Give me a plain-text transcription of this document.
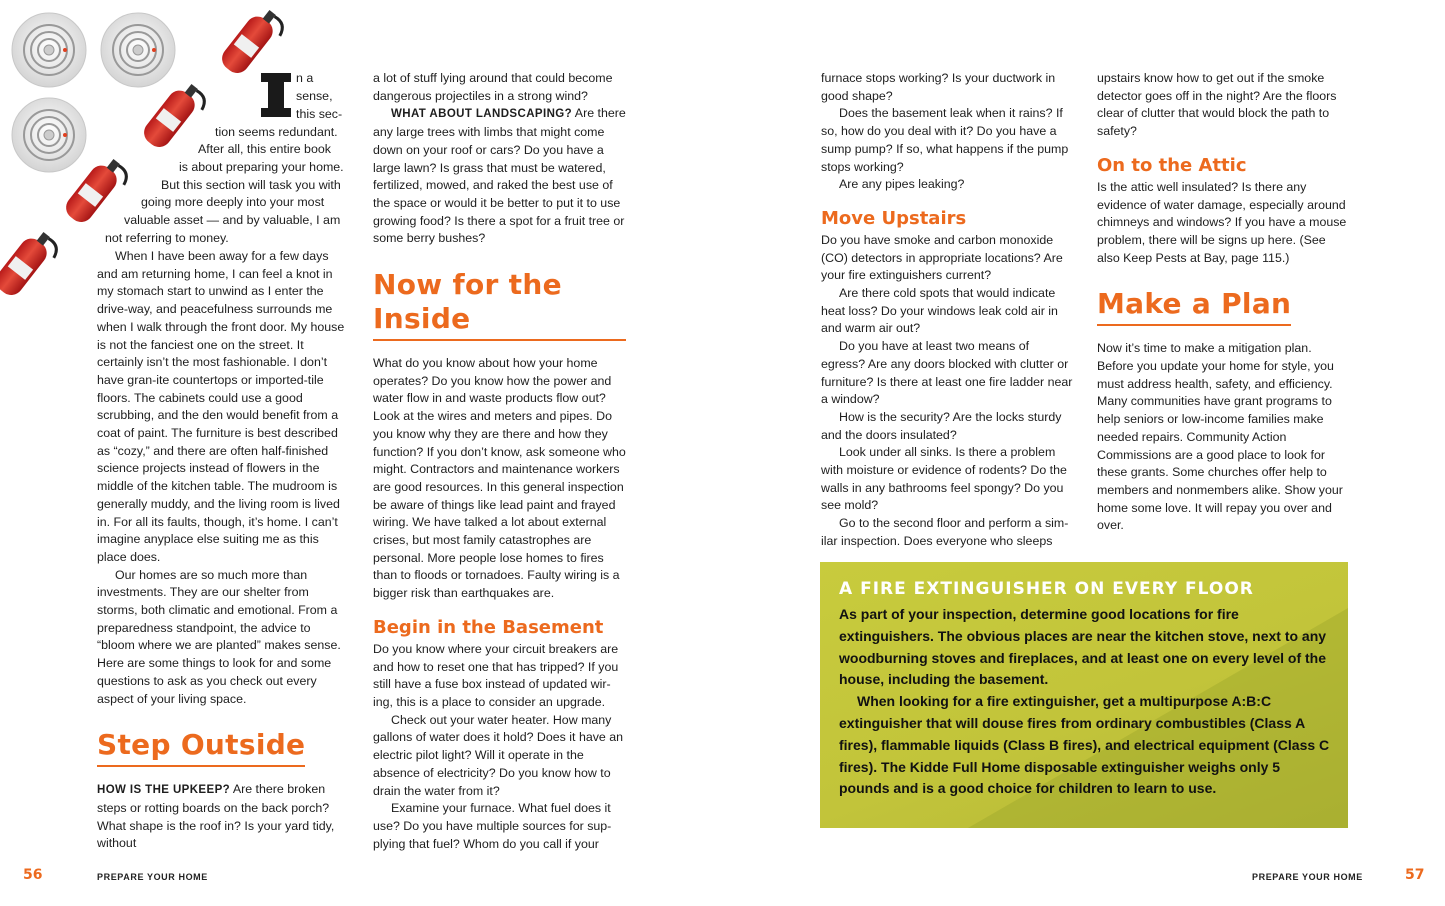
n a
sense,
this sec-
tion seems redundant.
After all, this entire book
is about preparing your home.
But this section will task you with
going more deeply into your most
valuable asset — and by valuable, I am
not referring to money.

When I have been away for a few days and am returning home, I can feel a knot in my stomach start to unwind as I enter the drive-way, and peacefulness surrounds me when I walk through the front door. My house is not the fanciest one on the street. It certainly isn’t the most fashionable. I don’t have gran-ite countertops or imported-tile floors. The cabinets could use a good scrubbing, and the den would benefit from a coat of paint. The furniture is best described as “cozy,” and there are often half-finished science projects instead of flowers in the middle of the kitchen table. The mudroom is generally muddy, and the living room is lived in. For all its faults, though, it’s home. I can’t imagine anyplace else suiting me as this place does.

Our homes are so much more than investments. They are our shelter from storms, both climatic and emotional. From a preparedness standpoint, the advice to “bloom where we are planted” makes sense. Here are some things to look for and some questions to ask as you check out every aspect of your living space.

Step Outside

HOW IS THE UPKEEP? Are there broken steps or rotting boards on the back porch? What shape is the roof in? Is your yard tidy, without

a lot of stuff lying around that could become dangerous projectiles in a strong wind?

WHAT ABOUT LANDSCAPING? Are there any large trees with limbs that might come down on your roof or cars? Do you have a large lawn? Is grass that must be watered, fertilized, mowed, and raked the best use of the space or would it be better to put it to use growing food? Is there a spot for a fruit tree or some berry bushes?

Now for the Inside

What do you know about how your home operates? Do you know how the power and water flow in and waste products flow out? Look at the wires and meters and pipes. Do you know why they are there and how they function? If you don’t know, ask someone who might. Contractors and maintenance workers are good resources. In this general inspection be aware of things like lead paint and frayed wiring. We have talked a lot about external crises, but most family catastrophes are personal. More people lose homes to fires than to floods or tornadoes. Faulty wiring is a bigger risk than earthquakes are.

Begin in the Basement

Do you know where your circuit breakers are and how to reset one that has tripped? If you still have a fuse box instead of updated wir-ing, this is a place to consider an upgrade.

Check out your water heater. How many gallons of water does it hold? Does it have an electric pilot light? Will it operate in the absence of electricity? Do you know how to drain the water from it?

Examine your furnace. What fuel does it use? Do you have multiple sources for sup-plying that fuel? Whom do you call if your

furnace stops working? Is your ductwork in good shape?

Does the basement leak when it rains? If so, how do you deal with it? Do you have a sump pump? If so, what happens if the pump stops working?

Are any pipes leaking?

Move Upstairs

Do you have smoke and carbon monoxide (CO) detectors in appropriate locations? Are your fire extinguishers current?

Are there cold spots that would indicate heat loss? Do your windows leak cold air in and warm air out?

Do you have at least two means of egress? Are any doors blocked with clutter or furniture? Is there at least one fire ladder near a window?

How is the security? Are the locks sturdy and the doors insulated?

Look under all sinks. Is there a problem with moisture or evidence of rodents? Do the walls in any bathrooms feel spongy? Do you see mold?

Go to the second floor and perform a sim-ilar inspection. Does everyone who sleeps

upstairs know how to get out if the smoke detector goes off in the night? Are the floors clear of clutter that would block the path to safety?

On to the Attic

Is the attic well insulated? Is there any evidence of water damage, especially around chimneys and windows? If you have a mouse problem, there will be signs up here. (See also Keep Pests at Bay, page 115.)

Make a Plan

Now it’s time to make a mitigation plan. Before you update your home for style, you must address health, safety, and efficiency. Many communities have grant programs to help seniors or low-income families make needed repairs. Community Action Commissions are a good place to look for these grants. Some churches offer help to members and nonmembers alike. Show your home some love. It will repay you over and over.

A FIRE EXTINGUISHER ON EVERY FLOOR

As part of your inspection, determine good locations for fire extinguishers. The obvious places are near the kitchen stove, next to any woodburning stoves and fireplaces, and at least one on every level of the house, including the basement.

When looking for a fire extinguisher, get a multipurpose A:B:C extinguisher that will douse fires from ordinary combustibles (Class A fires), flammable liquids (Class B fires), and electrical equipment (Class C fires). The Kidde Full Home disposable extinguisher weighs only 5 pounds and is a good choice for children to learn to use.

56	PREPARE YOUR HOME	PREPARE YOUR HOME	57
